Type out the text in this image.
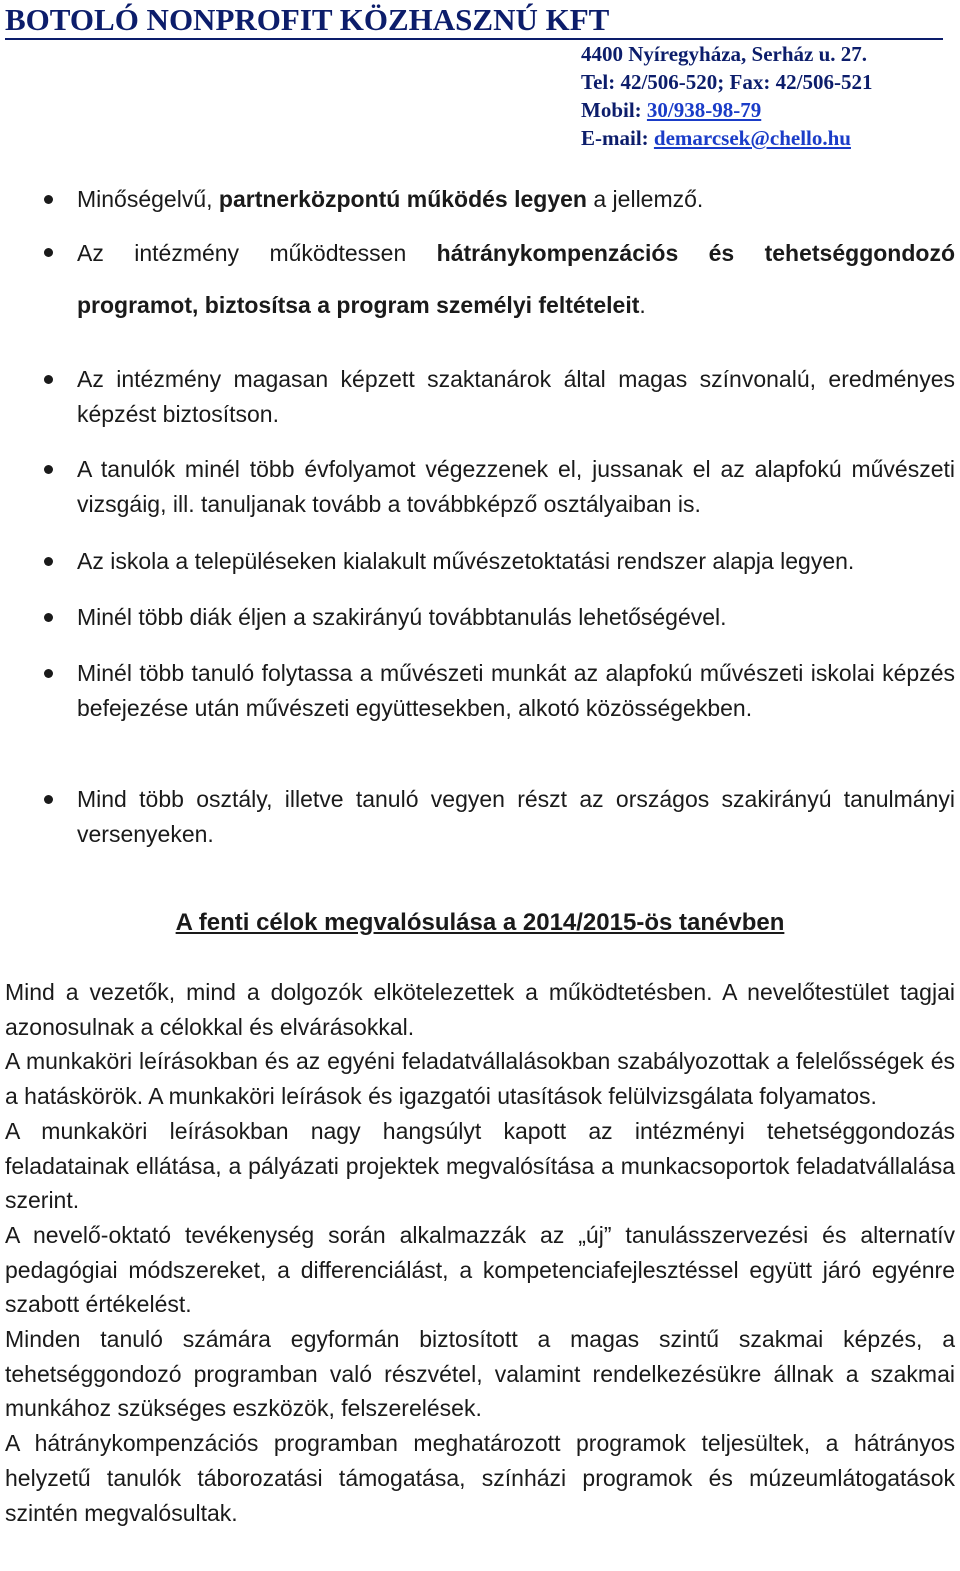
BOTOLÓ NONPROFIT KÖZHASZNÚ KFT
4400 Nyíregyháza, Serház u. 27.
Tel: 42/506-520; Fax: 42/506-521
Mobil: 30/938-98-79
E-mail: demarcsek@chello.hu
Minőségelvű, partnerközpontú működés legyen a jellemző.
Az intézmény működtessen hátránykompenzációs és tehetséggondozó
programot, biztosítsa a program személyi feltételeit.
Az intézmény magasan képzett szaktanárok által magas színvonalú, eredményes képzést biztosítson.
A tanulók minél több évfolyamot végezzenek el, jussanak el az alapfokú művészeti vizsgáig, ill. tanuljanak tovább a továbbképző osztályaiban is.
Az iskola a településeken kialakult művészetoktatási rendszer alapja legyen.
Minél több diák éljen a szakirányú továbbtanulás lehetőségével.
Minél több tanuló folytassa a művészeti munkát az alapfokú művészeti iskolai képzés befejezése után művészeti együttesekben, alkotó közösségekben.
Mind több osztály, illetve tanuló vegyen részt az országos szakirányú tanulmányi versenyeken.
A fenti célok megvalósulása a 2014/2015-ös tanévben

Mind a vezetők, mind a dolgozók elkötelezettek a működtetésben. A nevelőtestület tagjai azonosulnak a célokkal és elvárásokkal.

A munkaköri leírásokban és az egyéni feladatvállalásokban szabályozottak a felelősségek és a hatáskörök. A munkaköri leírások és igazgatói utasítások felülvizsgálata folyamatos.

A munkaköri leírásokban nagy hangsúlyt kapott az intézményi tehetséggondozás feladatainak ellátása, a pályázati projektek megvalósítása a munkacsoportok feladatvállalása szerint.

A nevelő-oktató tevékenység során alkalmazzák az „új” tanulásszervezési és alternatív pedagógiai módszereket, a differenciálást, a kompetenciafejlesztéssel együtt járó egyénre szabott értékelést.

Minden tanuló számára egyformán biztosított a magas szintű szakmai képzés, a tehetséggondozó programban való részvétel, valamint rendelkezésükre állnak a szakmai munkához szükséges eszközök, felszerelések.

A hátránykompenzációs programban meghatározott programok teljesültek, a hátrányos helyzetű tanulók táborozatási támogatása, színházi programok és múzeumlátogatások szintén megvalósultak.
